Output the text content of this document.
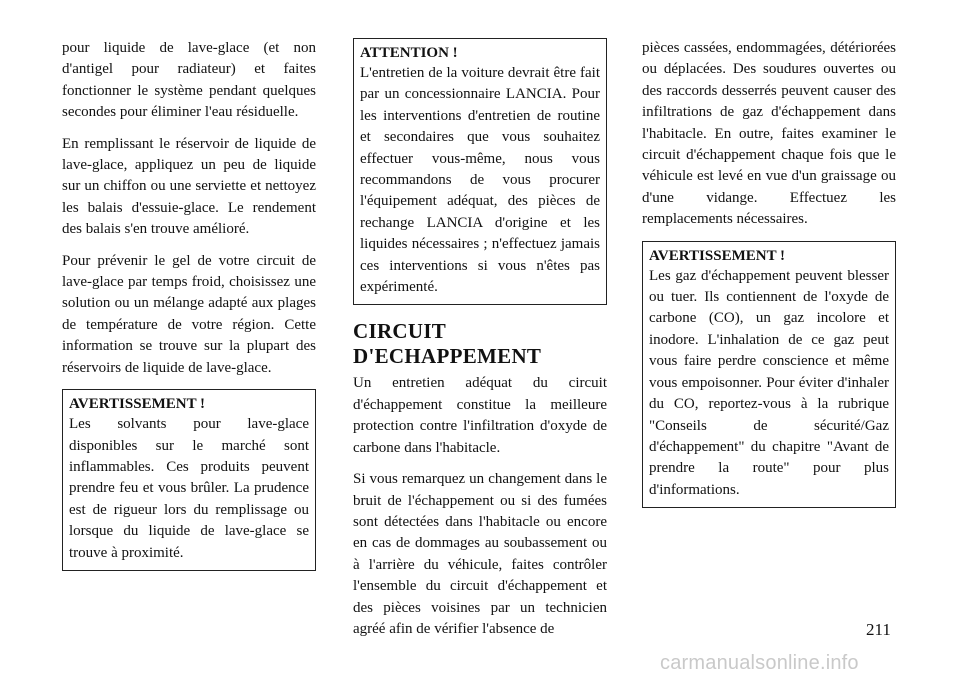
pour liquide de lave-glace (et non d'antigel pour radiateur) et faites fonctionner le système pendant quelques secondes pour éliminer l'eau résiduelle.

En remplissant le réservoir de liquide de lave-glace, appliquez un peu de liquide sur un chiffon ou une serviette et nettoyez les balais d'essuie-glace. Le rendement des balais s'en trouve amélioré.

Pour prévenir le gel de votre circuit de lave-glace par temps froid, choisissez une solution ou un mélange adapté aux plages de température de votre région. Cette information se trouve sur la plupart des réservoirs de liquide de lave-glace.

AVERTISSEMENT !

Les solvants pour lave-glace disponibles sur le marché sont inflammables. Ces produits peuvent prendre feu et vous brûler. La prudence est de rigueur lors du remplissage ou lorsque du liquide de lave-glace se trouve à proximité.

ATTENTION !

L'entretien de la voiture devrait être fait par un concessionnaire LANCIA. Pour les interventions d'entretien de routine et secondaires que vous souhaitez effectuer vous-même, nous vous recommandons de vous procurer l'équipement adéquat, des pièces de rechange LANCIA d'origine et les liquides nécessaires ; n'effectuez jamais ces interventions si vous n'êtes pas expérimenté.

CIRCUIT
D'ECHAPPEMENT

Un entretien adéquat du circuit d'échappement constitue la meilleure protection contre l'infiltration d'oxyde de carbone dans l'habitacle.

Si vous remarquez un changement dans le bruit de l'échappement ou si des fumées sont détectées dans l'habitacle ou encore en cas de dommages au soubassement ou à l'arrière du véhicule, faites contrôler l'ensemble du circuit d'échappement et des pièces voisines par un technicien agréé afin de vérifier l'absence de

pièces cassées, endommagées, détériorées ou déplacées. Des soudures ouvertes ou des raccords desserrés peuvent causer des infiltrations de gaz d'échappement dans l'habitacle. En outre, faites examiner le circuit d'échappement chaque fois que le véhicule est levé en vue d'un graissage ou d'une vidange. Effectuez les remplacements nécessaires.

AVERTISSEMENT !

Les gaz d'échappement peuvent blesser ou tuer. Ils contiennent de l'oxyde de carbone (CO), un gaz incolore et inodore. L'inhalation de ce gaz peut vous faire perdre conscience et même vous empoisonner. Pour éviter d'inhaler du CO, reportez-vous à la rubrique "Conseils de sécurité/Gaz d'échappement" du chapitre "Avant de prendre la route" pour plus d'informations.

211
carmanualsonline.info
